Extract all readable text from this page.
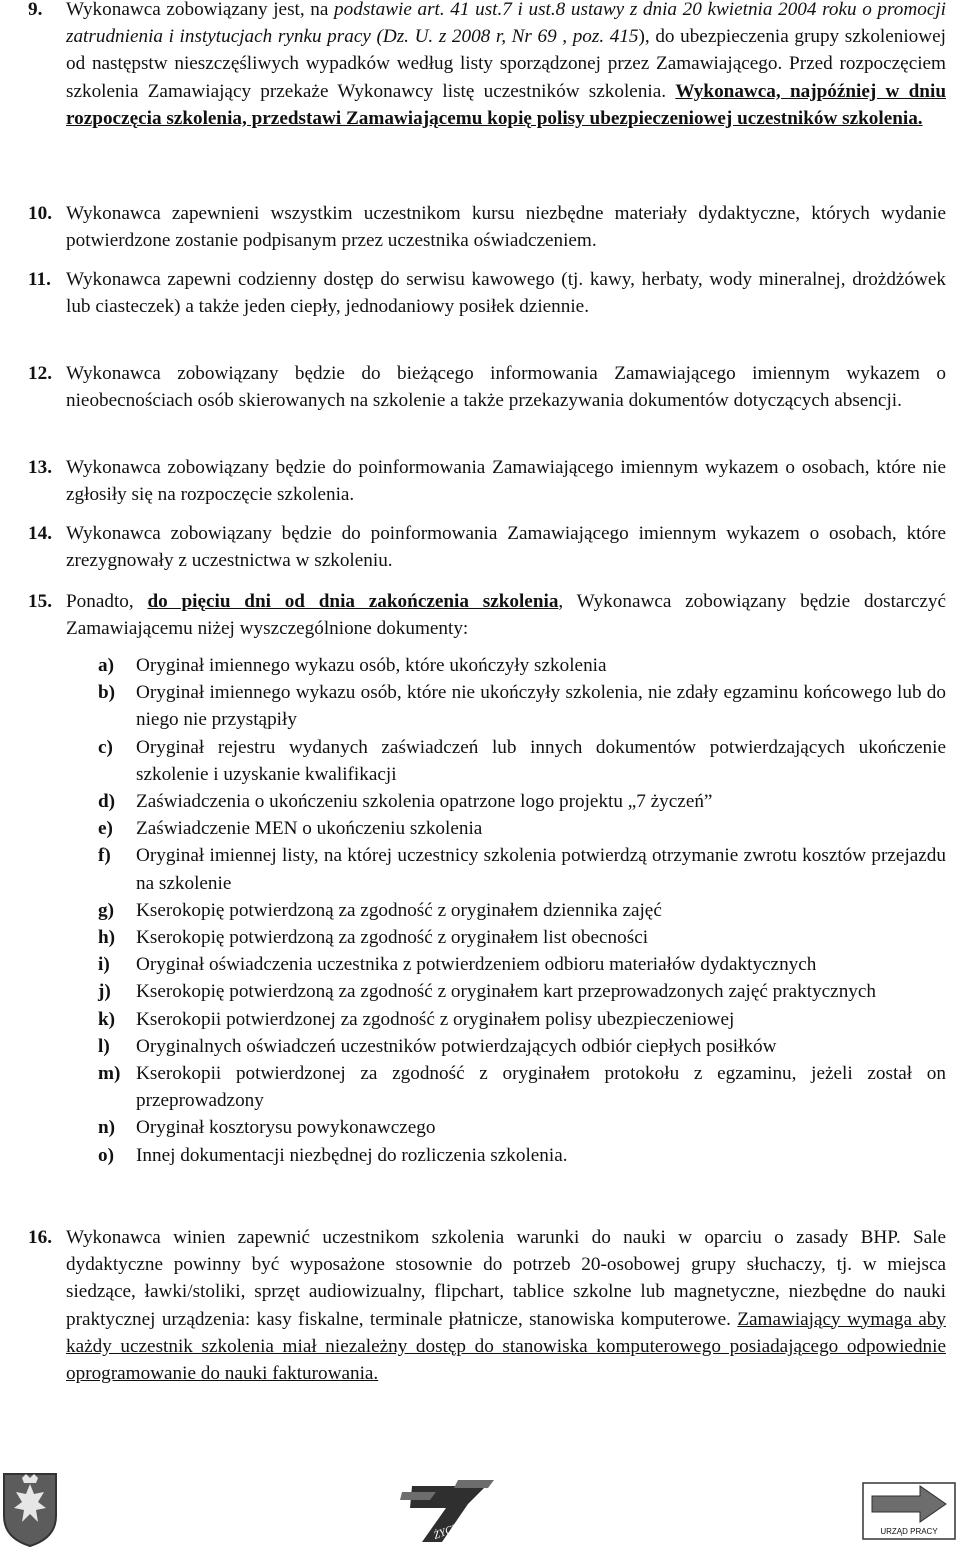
9. Wykonawca zobowiązany jest, na podstawie art. 41 ust.7 i ust.8 ustawy z dnia 20 kwietnia 2004 roku o promocji zatrudnienia i instytucjach rynku pracy (Dz. U. z 2008 r, Nr 69 , poz. 415), do ubezpieczenia grupy szkoleniowej od następstw nieszczęśliwych wypadków według listy sporządzonej przez Zamawiającego. Przed rozpoczęciem szkolenia Zamawiający przekaże Wykonawcy listę uczestników szkolenia. Wykonawca, najpóźniej w dniu rozpoczęcia szkolenia, przedstawi Zamawiającemu kopię polisy ubezpieczeniowej uczestników szkolenia.

10. Wykonawca zapewnieni wszystkim uczestnikom kursu niezbędne materiały dydaktyczne, których wydanie potwierdzone zostanie podpisanym przez uczestnika oświadczeniem.

11. Wykonawca zapewni codzienny dostęp do serwisu kawowego (tj. kawy, herbaty, wody mineralnej, drożdżówek lub ciasteczek) a także jeden ciepły, jednodaniowy posiłek dziennie.

12. Wykonawca zobowiązany będzie do bieżącego informowania Zamawiającego imiennym wykazem o nieobecnościach osób skierowanych na szkolenie a także przekazywania dokumentów dotyczących absencji.

13. Wykonawca zobowiązany będzie do poinformowania Zamawiającego imiennym wykazem o osobach, które nie zgłosiły się na rozpoczęcie szkolenia.

14. Wykonawca zobowiązany będzie do poinformowania Zamawiającego imiennym wykazem o osobach, które zrezygnowały z uczestnictwa w szkoleniu.

15. Ponadto, do pięciu dni od dnia zakończenia szkolenia, Wykonawca zobowiązany będzie dostarczyć Zamawiającemu niżej wyszczególnione dokumenty:

a) Oryginał imiennego wykazu osób, które ukończyły szkolenia

b) Oryginał imiennego wykazu osób, które nie ukończyły szkolenia, nie zdały egzaminu końcowego lub do niego nie przystąpiły

c) Oryginał rejestru wydanych zaświadczeń lub innych dokumentów potwierdzających ukończenie szkolenie i uzyskanie kwalifikacji

d) Zaświadczenia o ukończeniu szkolenia opatrzone logo projektu „7 życzeń”

e) Zaświadczenie MEN o ukończeniu szkolenia

f) Oryginał imiennej listy, na której uczestnicy szkolenia potwierdzą otrzymanie zwrotu kosztów przejazdu na szkolenie

g) Kserokopię potwierdzoną za zgodność z oryginałem dziennika zajęć

h) Kserokopię potwierdzoną za zgodność z oryginałem list obecności

i) Oryginał oświadczenia uczestnika z potwierdzeniem odbioru materiałów dydaktycznych

j) Kserokopię potwierdzoną za zgodność z oryginałem kart przeprowadzonych zajęć praktycznych

k) Kserokopii potwierdzonej za zgodność z oryginałem polisy ubezpieczeniowej

l) Oryginalnych oświadczeń uczestników potwierdzających odbiór ciepłych posiłków

m) Kserokopii potwierdzonej za zgodność z oryginałem protokołu z egzaminu, jeżeli został on przeprowadzony

n) Oryginał kosztorysu powykonawczego

o) Innej dokumentacji niezbędnej do rozliczenia szkolenia.

16. Wykonawca winien zapewnić uczestnikom szkolenia warunki do nauki w oparciu o zasady BHP. Sale dydaktyczne powinny być wyposażone stosownie do potrzeb 20-osobowej grupy słuchaczy, tj. w miejsca siedzące, ławki/stoliki, sprzęt audiowizualny, flipchart, tablice szkolne lub magnetyczne, niezbędne do nauki praktycznej urządzenia: kasy fiskalne, terminale płatnicze, stanowiska komputerowe. Zamawiający wymaga aby każdy uczestnik szkolenia miał niezależny dostęp do stanowiska komputerowego posiadającego odpowiednie oprogramowanie do nauki fakturowania.

ŻYCZEŃ	URZĄD PRACY
